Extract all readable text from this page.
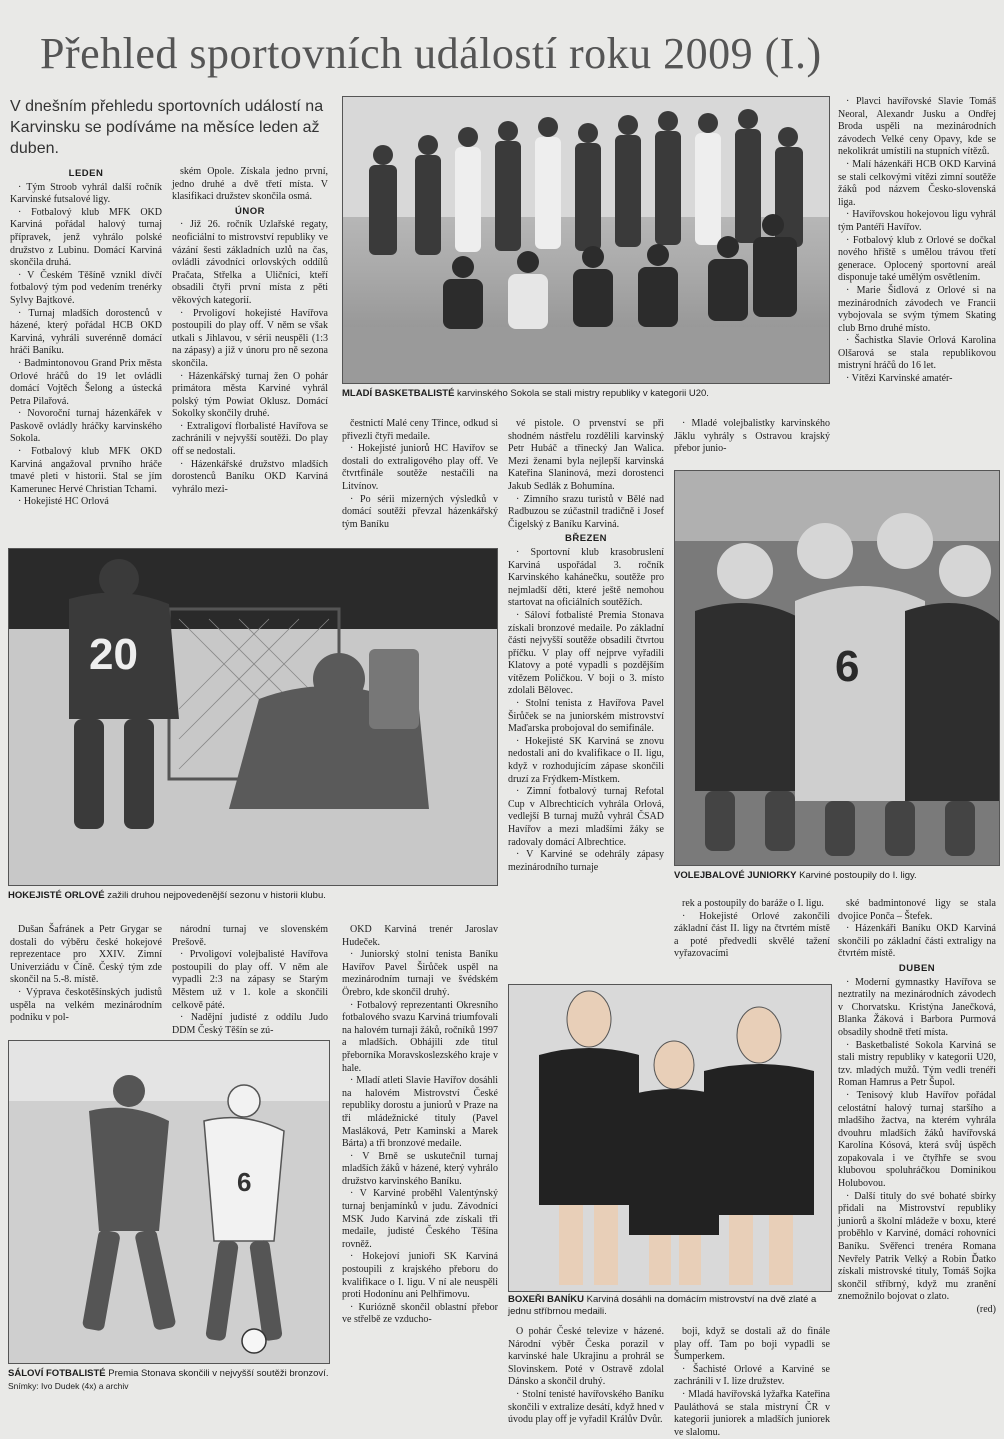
Přehled sportovních událostí roku 2009 (I.)
V dnešním přehledu sportovních událostí na Karvinsku se podíváme na měsíce leden až duben.
LEDEN

· Tým Stroob vyhrál další ročník Karvinské futsalové ligy.

· Fotbalový klub MFK OKD Karviná pořádal halový turnaj přípravek, jenž vyhrálo polské družstvo z Lubinu. Domácí Karviná skončila druhá.

· V Českém Těšíně vznikl dívčí fotbalový tým pod vedením trenérky Sylvy Bajtkové.

· Turnaj mladších dorostenců v házené, který pořádal HCB OKD Karviná, vyhráli suverénně domácí hráči Baníku.

· Badmintonovou Grand Prix města Orlové hráčů do 19 let ovládli domácí Vojtěch Šelong a ústecká Petra Pilařová.

· Novoroční turnaj házenkářek v Paskově ovládly hráčky karvinského Sokola.

· Fotbalový klub MFK OKD Karviná angažoval prvního hráče tmavé pleti v historii. Stal se jím Kamerunec Hervé Christian Tchami.

· Hokejisté HC Orlová

ském Opole. Získala jedno první, jedno druhé a dvě třetí místa. V klasifikaci družstev skončila osmá.

ÚNOR

· Již 26. ročník Uzlařské regaty, neoficiální to mistrovství republiky ve vázání šesti základních uzlů na čas, ovládli závodníci orlovských oddílů Pračata, Střelka a Uličníci, kteří obsadili čtyři první místa z pěti věkových kategorií.

· Prvoligoví hokejisté Havířova postoupili do play off. V něm se však utkali s Jihlavou, v sérii neuspěli (1:3 na zápasy) a již v únoru pro ně sezona skončila.

· Házenkářský turnaj žen O pohár primátora města Karviné vyhrál polský tým Powiat Oklusz. Domácí Sokolky skončily druhé.

· Extraligoví florbalisté Havířova se zachránili v nejvyšší soutěži. Do play off se nedostali.

· Házenkářské družstvo mladších dorostenců Baníku OKD Karviná vyhrálo mezi-

MLADÍ BASKETBALISTÉ karvinského Sokola se stali mistry republiky v kategorii U20.

čestnictí Malé ceny Třince, odkud si přivezli čtyři medaile.

· Hokejisté juniorů HC Havířov se dostali do extraligového play off. Ve čtvrtfinále soutěže nestačili na Litvínov.

· Po sérii mizerných výsledků v domácí soutěži převzal házenkářský tým Baníku

vé pistole. O prvenství se při shodném nástřelu rozdělili karvinský Petr Hubáč a třinecký Jan Walica. Mezi ženami byla nejlepší karvinská Kateřina Slaninová, mezi dorostenci Jakub Sedlák z Bohumína.

· Zimního srazu turistů v Bělé nad Radbuzou se zúčastnil tradičně i Josef Čigelský z Baníku Karviná.

BŘEZEN

· Sportovní klub krasobruslení Karviná uspořádal 3. ročník Karvinského kahánečku, soutěže pro nejmladší děti, které ještě nemohou startovat na oficiálních soutěžích.

· Sáloví fotbalisté Premia Stonava získali bronzové medaile. Po základní části nejvyšší soutěže obsadili čtvrtou příčku. V play off nejprve vyřadili Klatovy a poté vypadli s pozdějším vítězem Poličkou. V boji o 3. místo zdolali Bělovec.

· Stolní tenista z Havířova Pavel Širůček se na juniorském mistrovství Maďarska probojoval do semifinále.

· Hokejisté SK Karviná se znovu nedostali ani do kvalifikace o II. ligu, když v rozhodujícím zápase skončili druzí za Frýdkem-Místkem.

· Zimní fotbalový turnaj Refotal Cup v Albrechticích vyhrála Orlová, vedlejší B turnaj mužů vyhrál ČSAD Havířov a mezi mladšími žáky se radovaly domácí Albrechtice.

· V Karviné se odehrály zápasy mezinárodního turnaje

· Mladé volejbalistky karvinského Jäklu vyhrály s Ostravou krajský přebor junio-

· Plavci havířovské Slavie Tomáš Neoral, Alexandr Jusku a Ondřej Broda uspěli na mezinárodních závodech Velké ceny Opavy, kde se nekolikrát umístili na stupních vítězů.

· Malí házenkáři HCB OKD Karviná se stali celkovými vítězi zimní soutěže žáků pod názvem Česko-slovenská liga.

· Havířovskou hokejovou ligu vyhrál tým Pantéři Havířov.

· Fotbalový klub z Orlové se dočkal nového hřiště s umělou trávou třetí generace. Oplocený sportovní areál disponuje také umělým osvětlením.

· Marie Šidlová z Orlové si na mezinárodních závodech ve Francii vybojovala se svým týmem Skating club Brno druhé místo.

· Šachistka Slavie Orlová Karolina Olšarová se stala republikovou mistryní hráčů do 16 let.

· Vítězi Karvinské amatér-

20
HOKEJISTÉ ORLOVÉ zažili druhou nejpovedenější sezonu v historii klubu.
6
VOLEJBALOVÉ JUNIORKY Karviné postoupily do I. ligy.

Dušan Šafránek a Petr Grygar se dostali do výběru české hokejové reprezentace pro XXIV. Zimní Univerziádu v Číně. Český tým zde skončil na 5.-8. místě.

· Výprava českotěšínských judistů uspěla na velkém mezinárodním podniku v pol-

národní turnaj ve slovenském Prešově.

· Prvoligoví volejbalisté Havířova postoupili do play off. V něm ale vypadli 2:3 na zápasy se Starým Městem už v 1. kole a skončili celkově páté.

· Nadějní judisté z oddílu Judo DDM Český Těšín se zú-

OKD Karviná trenér Jaroslav Hudeček.

· Juniorský stolní tenista Baníku Havířov Pavel Širůček uspěl na mezinárodním turnaji ve švédském Örebro, kde skončil druhý.

· Fotbalový reprezentanti Okresního fotbalového svazu Karviná triumfovali na halovém turnaji žáků, ročníků 1997 a mladších. Obhájili zde titul přeborníka Moravskoslezského kraje v hale.

· Mladí atleti Slavie Havířov dosáhli na halovém Mistrovství České republiky dorostu a juniorů v Praze na tři mládežnické tituly (Pavel Masláková, Petr Kaminski a Marek Bárta) a tři bronzové medaile.

· V Brně se uskutečnil turnaj mladších žáků v házené, který vyhrálo družstvo karvinského Baníku.

· V Karviné proběhl Valentýnský turnaj benjamínků v judu. Závodníci MSK Judo Karviná zde získali tři medaile, judisté Českého Těšína rovněž.

· Hokejoví junioři SK Karviná postoupili z krajského přeboru do kvalifikace o I. ligu. V ní ale neuspěli proti Hodonínu ani Pelhřimovu.

· Kuriózně skončil oblastní přebor ve střelbě ze vzducho-

rek a postoupily do baráže o I. ligu.

· Hokejisté Orlové zakončili základní část II. ligy na čtvrtém místě a poté předvedli skvělé tažení vyřazovacími

ské badmintonové ligy se stala dvojice Ponča – Štefek.

· Házenkáři Baníku OKD Karviná skončili po základní části extraligy na čtvrtém místě.

DUBEN

· Moderní gymnastky Havířova se neztratily na mezinárodních závodech v Chorvatsku. Kristýna Janečková, Blanka Žáková i Barbora Purmová obsadily shodně třetí místa.

· Basketbalisté Sokola Karviná se stali mistry republiky v kategorii U20, tzv. mladých mužů. Tým vedli trenéři Roman Hamrus a Petr Šupol.

· Tenisový klub Havířov pořádal celostátní halový turnaj staršího a mladšího žactva, na kterém vyhrála dvouhru mladších žáků havířovská Karolína Kósová, která svůj úspěch zopakovala i ve čtyřhře se svou klubovou spoluhráčkou Dominikou Holubovou.

· Další tituly do své bohaté sbírky přidali na Mistrovství republiky juniorů a školní mládeže v boxu, které proběhlo v Karviné, domácí rohovníci Baníku. Svěřenci trenéra Romana Nevřely Patrik Velký a Robin Ďatko získali mistrovské tituly, Tomáš Sojka skončil stříbrný, když mu zranění znemožnilo bojovat o zlato.

(red)
6
SÁLOVÍ FOTBALISTÉ Premia Stonava skončili v nejvyšší soutěži bronzoví. Snímky: Ivo Dudek (4x) a archiv
BOXEŘI BANÍKU Karviná dosáhli na domácím mistrovství na dvě zlaté a jednu stříbrnou medaili.

O pohár České televize v házené. Národní výběr Česka porazil v karvinské hale Ukrajinu a prohrál se Slovinskem. Poté v Ostravě zdolal Dánsko a skončil druhý.

· Stolní tenisté havířovského Baníku skončili v extralize desátí, když hned v úvodu play off je vyřadil Králův Dvůr.

boji, když se dostali až do finále play off. Tam po boji vypadli se Šumperkem.

· Šachisté Orlové a Karviné se zachránili v I. lize družstev.

· Mladá havířovská lyžařka Kateřina Pauláthová se stala mistryní ČR v kategorii juniorek a mladších juniorek ve slalomu.
